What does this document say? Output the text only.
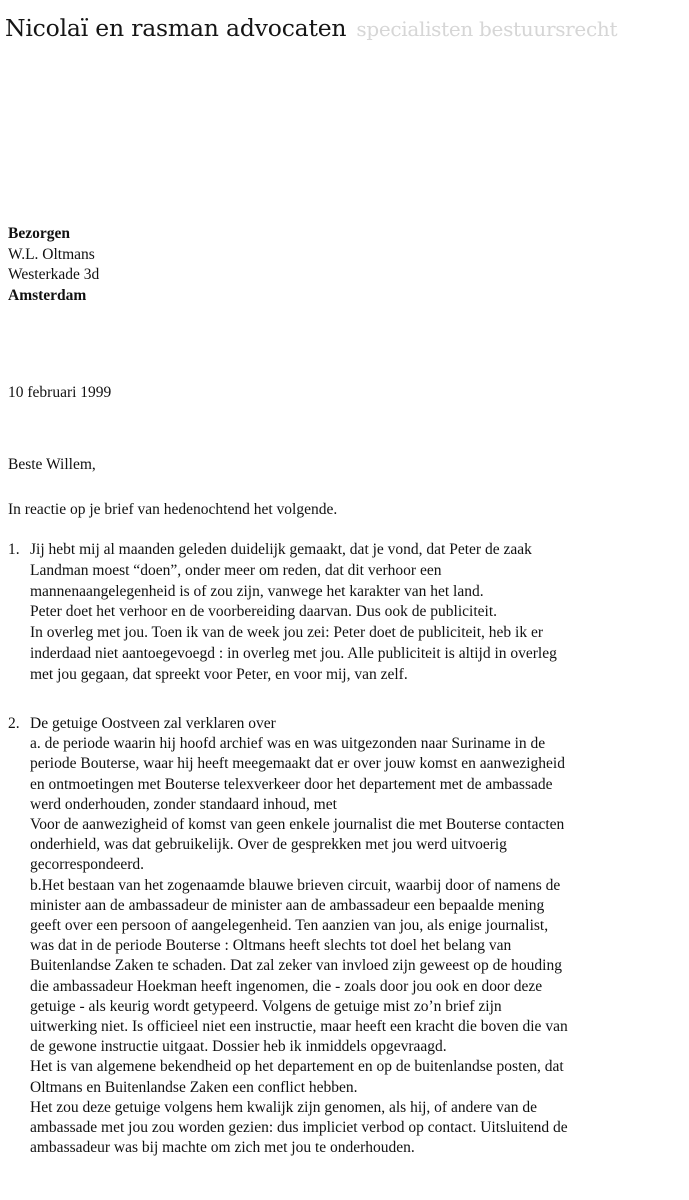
Nicolaï en rasman advocaten specialisten bestuursrecht
Bezorgen
W.L. Oltmans
Westerkade 3d
Amsterdam
10 februari 1999
Beste Willem,
In reactie op je brief van hedenochtend het volgende.
1. Jij hebt mij al maanden geleden duidelijk gemaakt, dat je vond, dat Peter de zaak
Landman moest “doen”, onder meer om reden, dat dit verhoor een
mannenaangelegenheid is of zou zijn, vanwege het karakter van het land.
Peter doet het verhoor en de voorbereiding daarvan. Dus ook de publiciteit.
In overleg met jou. Toen ik van de week jou zei: Peter doet de publiciteit, heb ik er
inderdaad niet aantoegevoegd : in overleg met jou. Alle publiciteit is altijd in overleg
met jou gegaan, dat spreekt voor Peter, en voor mij, van zelf.
2. De getuige Oostveen zal verklaren over
a. de periode waarin hij hoofd archief was en was uitgezonden naar Suriname in de
periode Bouterse, waar hij heeft meegemaakt dat er over jouw komst en aanwezigheid
en ontmoetingen met Bouterse telexverkeer door het departement met de ambassade
werd onderhouden, zonder standaard inhoud, met
Voor de aanwezigheid of komst van geen enkele journalist die met Bouterse contacten
onderhield, was dat gebruikelijk. Over de gesprekken met jou werd uitvoerig
gecorrespondeerd.
b.Het bestaan van het zogenaamde blauwe brieven circuit, waarbij door of namens de
minister aan de ambassadeur de minister aan de ambassadeur een bepaalde mening
geeft over een persoon of aangelegenheid. Ten aanzien van jou, als enige journalist,
was dat in de periode Bouterse : Oltmans heeft slechts tot doel het belang van
Buitenlandse Zaken te schaden. Dat zal zeker van invloed zijn geweest op de houding
die ambassadeur Hoekman heeft ingenomen, die - zoals door jou ook en door deze
getuige - als keurig wordt getypeerd. Volgens de getuige mist zo’n brief zijn
uitwerking niet. Is officieel niet een instructie, maar heeft een kracht die boven die van
de gewone instructie uitgaat. Dossier heb ik inmiddels opgevraagd.
Het is van algemene bekendheid op het departement en op de buitenlandse posten, dat
Oltmans en Buitenlandse Zaken een conflict hebben.
Het zou deze getuige volgens hem kwalijk zijn genomen, als hij, of andere van de
ambassade met jou zou worden gezien: dus impliciet verbod op contact. Uitsluitend de
ambassadeur was bij machte om zich met jou te onderhouden.
